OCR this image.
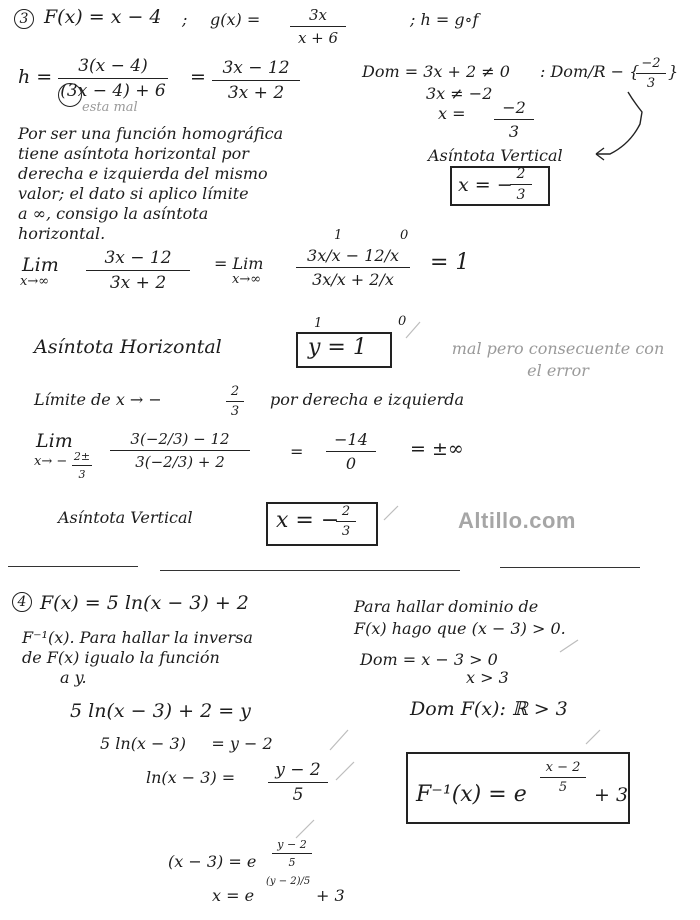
3 F(x) = x − 4 ; g(x) =	3x
x + 6
; h = g∘f
h =	3(x − 4)
(3x − 4) + 6
esta mal
= 3x − 12
3x + 2
Dom = 3x + 2 ≠ 0 : Dom/R − { −2
3
}
3x ≠ −2
x =	−2
3
Por ser una función homográfica
tiene asíntota horizontal por
derecha e izquierda del mismo
valor; el dato si aplico límite
a ∞, consigo la asíntota
horizontal.
Asíntota Vertical
x = − 2
3
Lim
x→∞
3x − 12
3x + 2
= Lim
x→∞
3x/x − 12/x
3x/x + 2/x
1	0
1	0
= 1
Asíntota Horizontal	y = 1	mal pero consecuente con el error
Límite de x → −	2
3
por derecha e izquierda
Lim
x→ − 2±
3
3(−2/3) − 12
3(−2/3) + 2
=
−14
0
= ±∞
Asíntota Vertical	x = − 2
3	Altillo.com
4 F(x) = 5 ln(x − 3) + 2
F⁻¹(x). Para hallar la inversa
de F(x) igualo la función
a y.
Para hallar dominio de
F(x) hago que (x − 3) > 0.
Dom = x − 3 > 0
x > 3
Dom F(x): ℝ > 3
5 ln(x − 3) + 2 = y
5 ln(x − 3)     = y − 2
ln(x − 3) =	y − 2
5
(x − 3) = e
y − 2
5
x = e
(y − 2)/5
+ 3
F⁻¹(x) = e
x − 2
5	+ 3
